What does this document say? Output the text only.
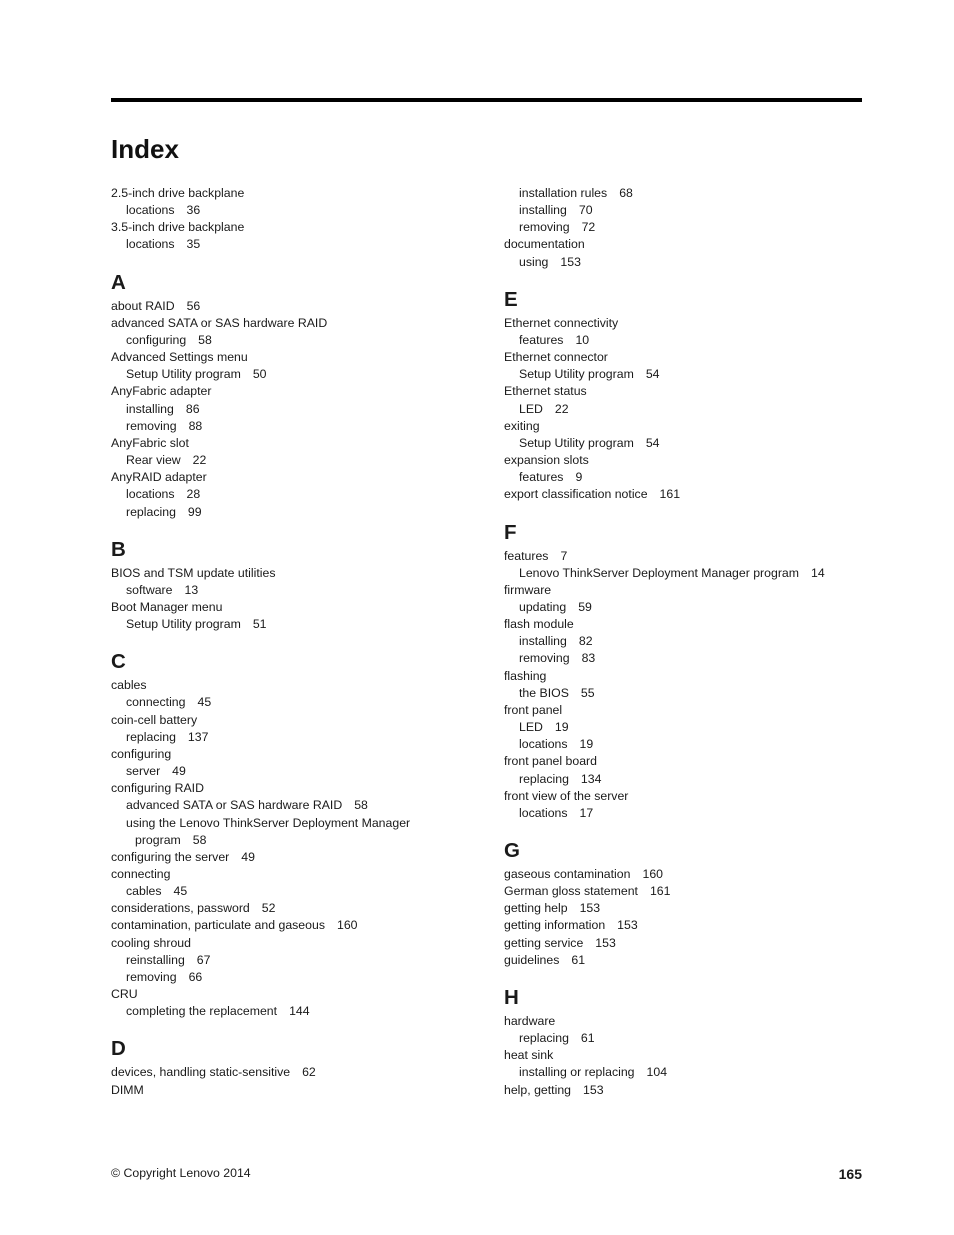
Index
2.5-inch drive backplane
locations 36
3.5-inch drive backplane
locations 35
A
about RAID 56
advanced SATA or SAS hardware RAID
configuring 58
Advanced Settings menu
Setup Utility program 50
AnyFabric adapter
installing 86
removing 88
AnyFabric slot
Rear view 22
AnyRAID adapter
locations 28
replacing 99
B
BIOS and TSM update utilities
software 13
Boot Manager menu
Setup Utility program 51
C
cables
connecting 45
coin-cell battery
replacing 137
configuring
server 49
configuring RAID
advanced SATA or SAS hardware RAID 58
using the Lenovo ThinkServer Deployment Manager
program 58
configuring the server 49
connecting
cables 45
considerations, password 52
contamination, particulate and gaseous 160
cooling shroud
reinstalling 67
removing 66
CRU
completing the replacement 144
D
devices, handling static-sensitive 62
DIMM
installation rules 68
installing 70
removing 72
documentation
using 153
E
Ethernet connectivity
features 10
Ethernet connector
Setup Utility program 54
Ethernet status
LED 22
exiting
Setup Utility program 54
expansion slots
features 9
export classification notice 161
F
features 7
Lenovo ThinkServer Deployment Manager program 14
firmware
updating 59
flash module
installing 82
removing 83
flashing
the BIOS 55
front panel
LED 19
locations 19
front panel board
replacing 134
front view of the server
locations 17
G
gaseous contamination 160
German gloss statement 161
getting help 153
getting information 153
getting service 153
guidelines 61
H
hardware
replacing 61
heat sink
installing or replacing 104
help, getting 153
© Copyright Lenovo 2014	165
